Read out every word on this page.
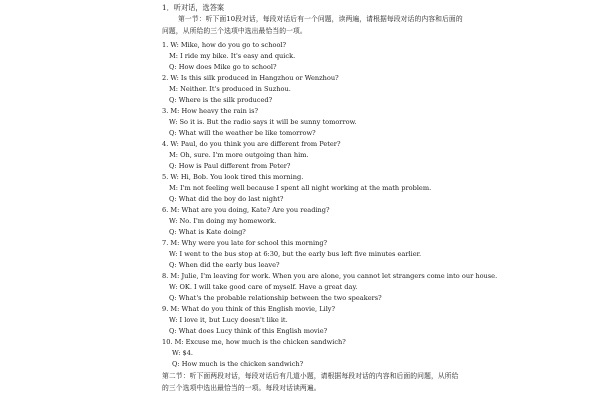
1．听对话，选答案
第一节：听下面10段对话，每段对话后有一个问题，读两遍，请根据每段对话的内容和后面的
问题，从所给的三个选项中选出最恰当的一项。
1. W: Mike, how do you go to school?
M: I ride my bike. It's easy and quick.
Q: How does Mike go to school?
2. W: Is this silk produced in Hangzhou or Wenzhou?
M: Neither. It's produced in Suzhou.
Q: Where is the silk produced?
3. M: How heavy the rain is?
W: So it is. But the radio says it will be sunny tomorrow.
Q: What will the weather be like tomorrow?
4. W: Paul, do you think you are different from Peter?
M: Oh, sure. I'm more outgoing than him.
Q: How is Paul different from Peter?
5. W: Hi, Bob. You look tired this morning.
M: I'm not feeling well because I spent all night working at the math problem.
Q: What did the boy do last night?
6. M: What are you doing, Kate? Are you reading?
W: No. I'm doing my homework.
Q: What is Kate doing?
7. M: Why were you late for school this morning?
W: I went to the bus stop at 6:30, but the early bus left five minutes earlier.
Q: When did the early bus leave?
8. M: Julie, I'm leaving for work. When you are alone, you cannot let strangers come into our house.
W: OK. I will take good care of myself. Have a great day.
Q: What's the probable relationship between the two speakers?
9. M: What do you think of this English movie, Lily?
W: I love it, but Lucy doesn't like it.
Q: What does Lucy think of this English movie?
10. M: Excuse me, how much is the chicken sandwich?
W: $4.
Q: How much is the chicken sandwich?
第二节：听下面两段对话，每段对话后有几道小题，请根据每段对话的内容和后面的问题，从所给
的三个选项中选出最恰当的一项。每段对话读两遍。
